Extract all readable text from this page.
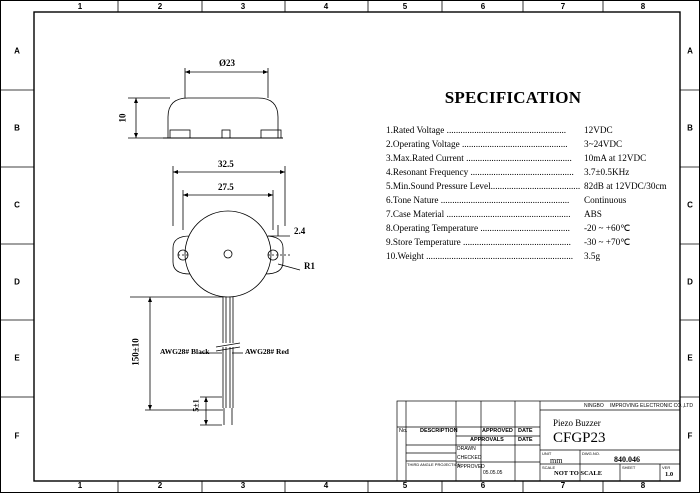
1	2	3	4	5	6	7	8
1	2	3	4	5	6	7	8
A
B
C
D
E
F
A
B
C
D
E
F
Ø23
10
32.5
27.5
2.4
R1
150±10
5±1
AWG28# Black	AWG28# Red
SPECIFICATION
1.Rated Voltage .................................................... 12VDC
2.Operating Voltage .............................................. 3~24VDC
3.Max.Rated Current .............................................. 10mA at 12VDC
4.Resonant Frequency ............................................. 3.7±0.5KHz
5.Min.Sound Pressure Level....................................... 82dB at 12VDC/30cm
6.Tone Nature ........................................................ Continuous
7.Case Material ...................................................... ABS
8.Operating Temperature ....................................... -20 ~ +60℃
9.Store Temperature ............................................... -30 ~ +70℃
10.Weight ................................................................ 3.5g
NINGBO IMPROVING ELECTRONIC CO.,LTD
No. DESCRIPTION	APPROVED DATE
APPROVALS	DATE
DRAWN
CHECKED
APPROVED
THIRD ANGLE PROJECTION
05.05.05
Piezo Buzzer
CFGP23
UNIT
mm
DWG.NO.
840.046
SCALE
NOT TO SCALE
SHEET	VER
1.0
